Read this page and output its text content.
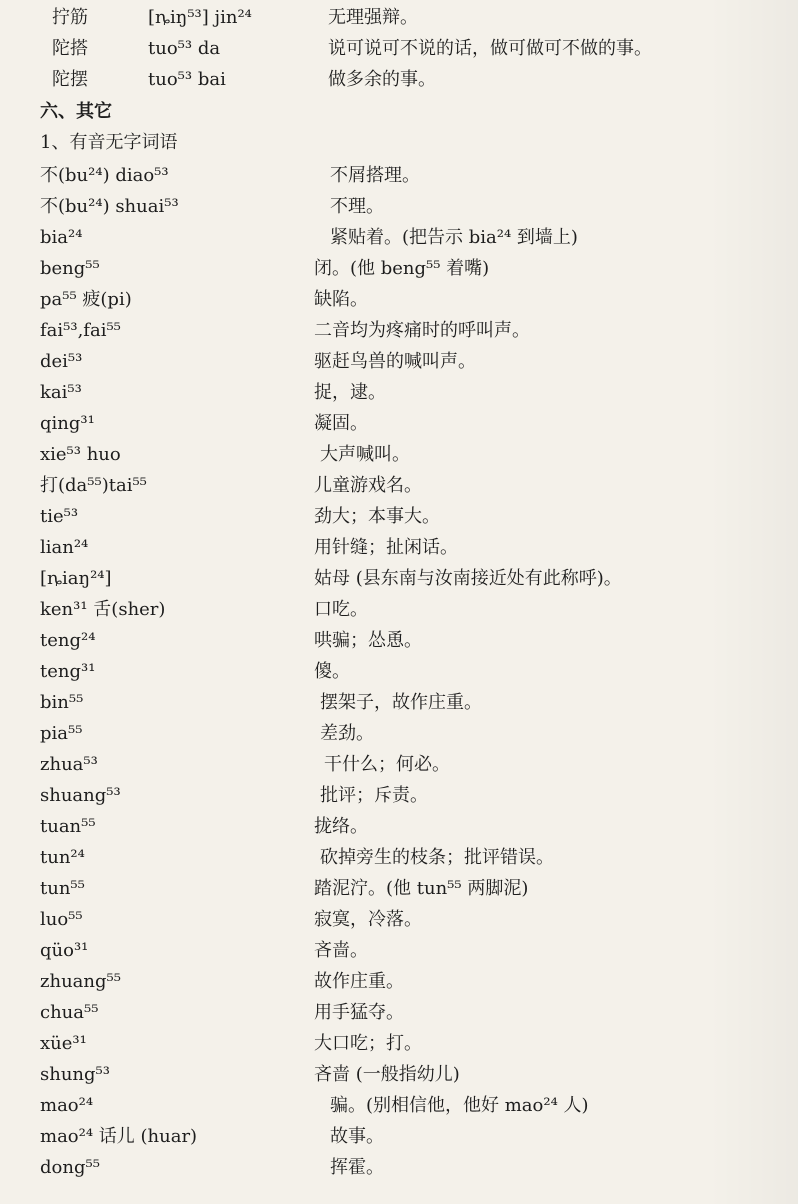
拧筋	[ȵiŋ⁵³] jin²⁴	无理强辩。
陀搭	tuo⁵³ da	说可说可不说的话，做可做可不做的事。
陀摆	tuo⁵³ bai	做多余的事。
六、其它
1、有音无字词语
不(bu²⁴) diao⁵³	不屑搭理。
不(bu²⁴) shuai⁵³	不理。
bia²⁴	紧贴着。(把告示 bia²⁴ 到墙上)
beng⁵⁵	闭。(他 beng⁵⁵ 着嘴)
pa⁵⁵ 疲(pi)	缺陷。
fai⁵³,fai⁵⁵	二音均为疼痛时的呼叫声。
dei⁵³	驱赶鸟兽的喊叫声。
kai⁵³	捉，逮。
qing³¹	凝固。
xie⁵³ huo	大声喊叫。
打(da⁵⁵)tai⁵⁵	儿童游戏名。
tie⁵³	劲大；本事大。
lian²⁴	用针缝；扯闲话。
[ȵiaŋ²⁴]	姑母 (县东南与汝南接近处有此称呼)。
ken³¹ 舌(sher)	口吃。
teng²⁴	哄骗；怂恿。
teng³¹	傻。
bin⁵⁵	摆架子，故作庄重。
pia⁵⁵	差劲。
zhua⁵³	干什么；何必。
shuang⁵³	批评；斥责。
tuan⁵⁵	拢络。
tun²⁴	砍掉旁生的枝条；批评错误。
tun⁵⁵	踏泥泞。(他 tun⁵⁵ 两脚泥)
luo⁵⁵	寂寞，冷落。
qüo³¹	吝啬。
zhuang⁵⁵	故作庄重。
chua⁵⁵	用手猛夺。
xüe³¹	大口吃；打。
shung⁵³	吝啬 (一般指幼儿)
mao²⁴	骗。(别相信他，他好 mao²⁴ 人)
mao²⁴ 话儿 (huar)	故事。
dong⁵⁵	挥霍。
